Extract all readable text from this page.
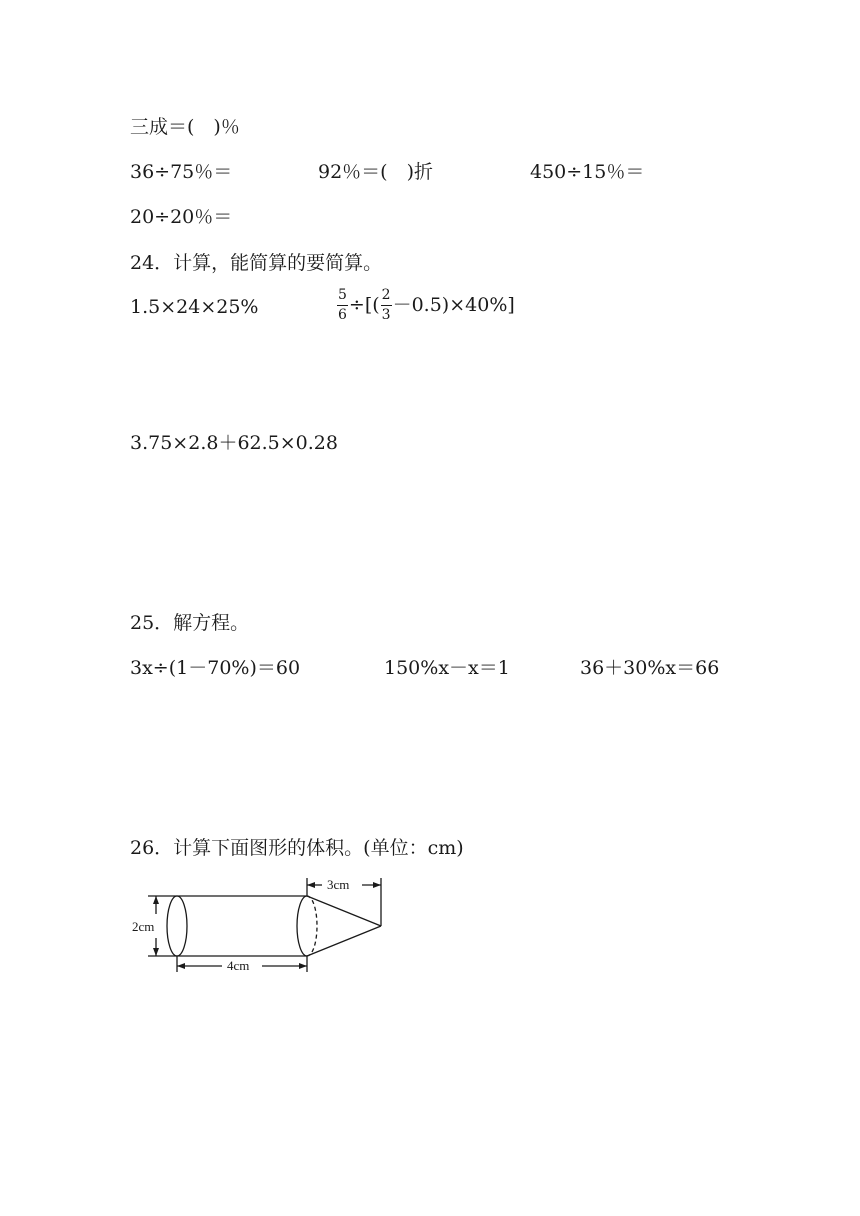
三成＝(　)％
36÷75％＝	92％＝(　)折	450÷15％＝
20÷20％＝
24．计算，能简算的要简算。
1.5×24×25%	$\frac{5}{6}$ ÷[( $\frac{2}{3} -0.5)\times 40\%$]
3.75×2.8＋62.5×0.28
25．解方程。
3x÷(1－70%)＝60	150%x－x＝1	36＋30%x＝66
26．计算下面图形的体积。(单位：cm)
2cm
4cm
3cm
